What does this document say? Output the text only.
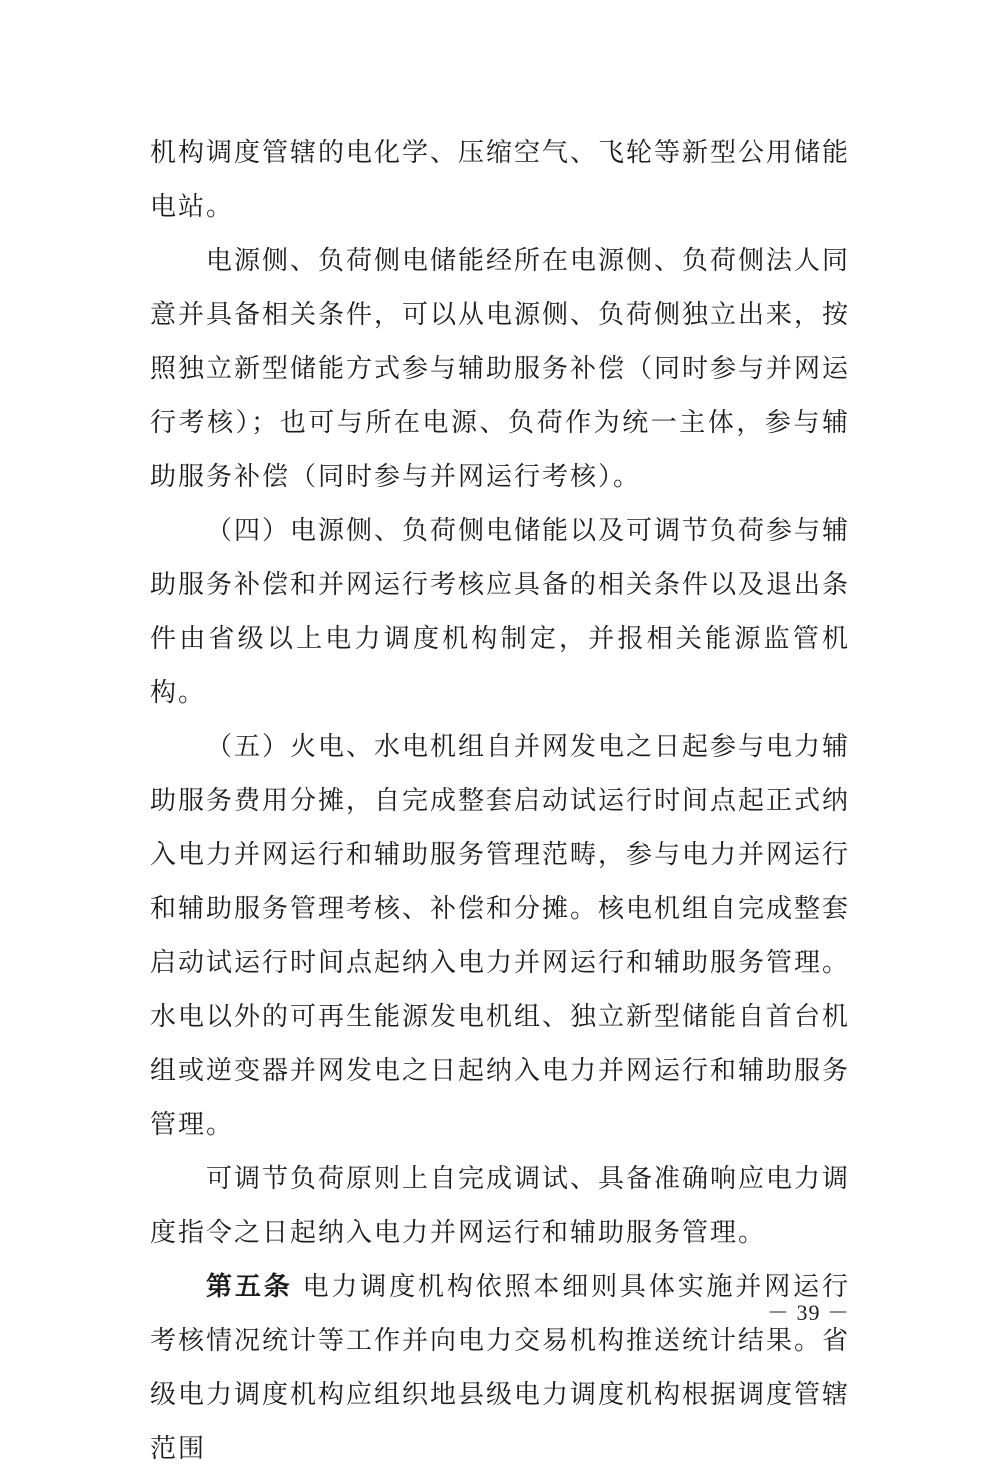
机构调度管辖的电化学、压缩空气、飞轮等新型公用储能电站。

电源侧、负荷侧电储能经所在电源侧、负荷侧法人同意并具备相关条件，可以从电源侧、负荷侧独立出来，按照独立新型储能方式参与辅助服务补偿（同时参与并网运行考核）；也可与所在电源、负荷作为统一主体，参与辅助服务补偿（同时参与并网运行考核）。

（四）电源侧、负荷侧电储能以及可调节负荷参与辅助服务补偿和并网运行考核应具备的相关条件以及退出条件由省级以上电力调度机构制定，并报相关能源监管机构。

（五）火电、水电机组自并网发电之日起参与电力辅助服务费用分摊，自完成整套启动试运行时间点起正式纳入电力并网运行和辅助服务管理范畴，参与电力并网运行和辅助服务管理考核、补偿和分摊。核电机组自完成整套启动试运行时间点起纳入电力并网运行和辅助服务管理。水电以外的可再生能源发电机组、独立新型储能自首台机组或逆变器并网发电之日起纳入电力并网运行和辅助服务管理。

可调节负荷原则上自完成调试、具备准确响应电力调度指令之日起纳入电力并网运行和辅助服务管理。

第五条 电力调度机构依照本细则具体实施并网运行考核情况统计等工作并向电力交易机构推送统计结果。省级电力调度机构应组织地县级电力调度机构根据调度管辖范围

－ 39 －
